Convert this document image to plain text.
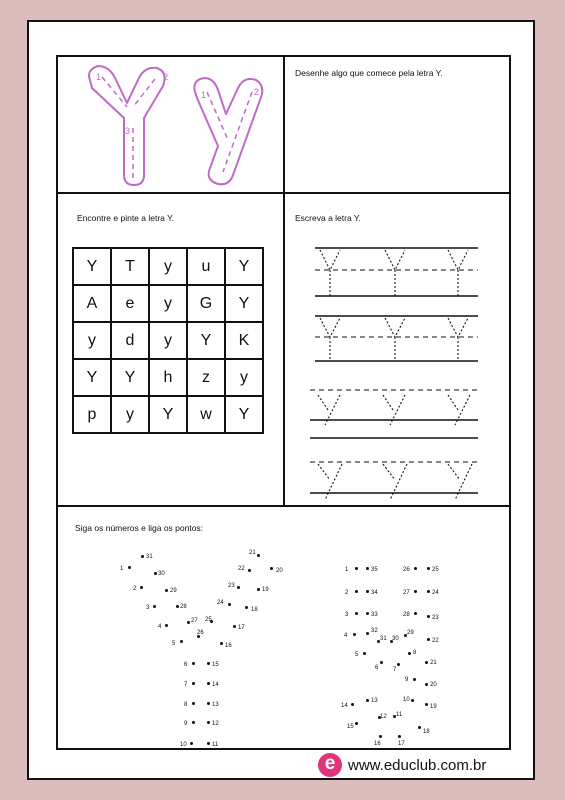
1	2
3
1	2
Desenhe algo que comece pela letra Y.
Encontre e pinte a letra Y.	Escreva a letra Y.
Siga os números e liga os pontos:
Y	T	y	u	Y
A	e	y	G	Y
y	d	y	Y	K
Y	Y	h	z	y
p	y	Y	w	Y
31
1
30
2	29
3	28
4
27 25
5
26
24
18
23
19
22
21
20
17
16
6	15
7	14
8	13
9	12
10	11
1	35	26	25
2	34	27	24
3	33	28	23
4
32
31 30
29
22
5
6 7
8
21
9
20
14
13	10
19
15
12 11
18
16	17
e www.educlub.com.br
